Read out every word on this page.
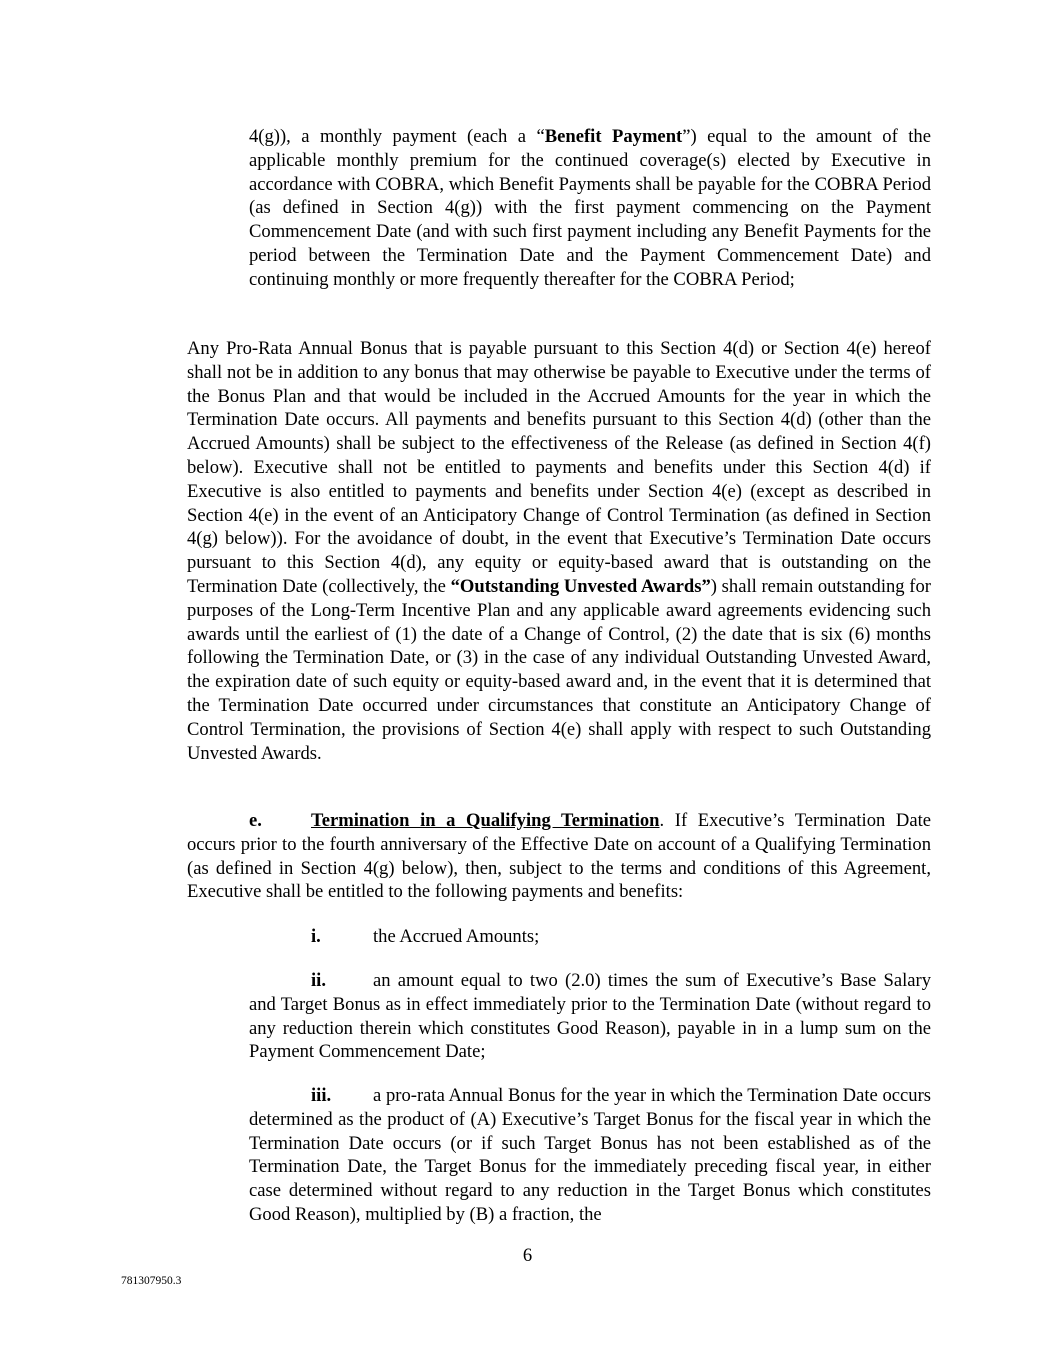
4(g)), a monthly payment (each a “Benefit Payment”) equal to the amount of the applicable monthly premium for the continued coverage(s) elected by Executive in accordance with COBRA, which Benefit Payments shall be payable for the COBRA Period (as defined in Section 4(g)) with the first payment commencing on the Payment Commencement Date (and with such first payment including any Benefit Payments for the period between the Termination Date and the Payment Commencement Date) and continuing monthly or more frequently thereafter for the COBRA Period;

Any Pro-Rata Annual Bonus that is payable pursuant to this Section 4(d) or Section 4(e) hereof shall not be in addition to any bonus that may otherwise be payable to Executive under the terms of the Bonus Plan and that would be included in the Accrued Amounts for the year in which the Termination Date occurs. All payments and benefits pursuant to this Section 4(d) (other than the Accrued Amounts) shall be subject to the effectiveness of the Release (as defined in Section 4(f) below). Executive shall not be entitled to payments and benefits under this Section 4(d) if Executive is also entitled to payments and benefits under Section 4(e) (except as described in Section 4(e) in the event of an Anticipatory Change of Control Termination (as defined in Section 4(g) below)). For the avoidance of doubt, in the event that Executive’s Termination Date occurs pursuant to this Section 4(d), any equity or equity-based award that is outstanding on the Termination Date (collectively, the “Outstanding Unvested Awards”) shall remain outstanding for purposes of the Long-Term Incentive Plan and any applicable award agreements evidencing such awards until the earliest of (1) the date of a Change of Control, (2) the date that is six (6) months following the Termination Date, or (3) in the case of any individual Outstanding Unvested Award, the expiration date of such equity or equity-based award and, in the event that it is determined that the Termination Date occurred under circumstances that constitute an Anticipatory Change of Control Termination, the provisions of Section 4(e) shall apply with respect to such Outstanding Unvested Awards.

e.	Termination in a Qualifying Termination. If Executive’s Termination Date occurs prior to the fourth anniversary of the Effective Date on account of a Qualifying Termination (as defined in Section 4(g) below), then, subject to the terms and conditions of this Agreement, Executive shall be entitled to the following payments and benefits:

i.	the Accrued Amounts;

ii.	an amount equal to two (2.0) times the sum of Executive’s Base Salary and Target Bonus as in effect immediately prior to the Termination Date (without regard to any reduction therein which constitutes Good Reason), payable in in a lump sum on the Payment Commencement Date;

iii. a pro-rata Annual Bonus for the year in which the Termination Date occurs determined as the product of (A) Executive’s Target Bonus for the fiscal year in which the Termination Date occurs (or if such Target Bonus has not been established as of the Termination Date, the Target Bonus for the immediately preceding fiscal year, in either case determined without regard to any reduction in the Target Bonus which constitutes Good Reason), multiplied by (B) a fraction, the

6
781307950.3
